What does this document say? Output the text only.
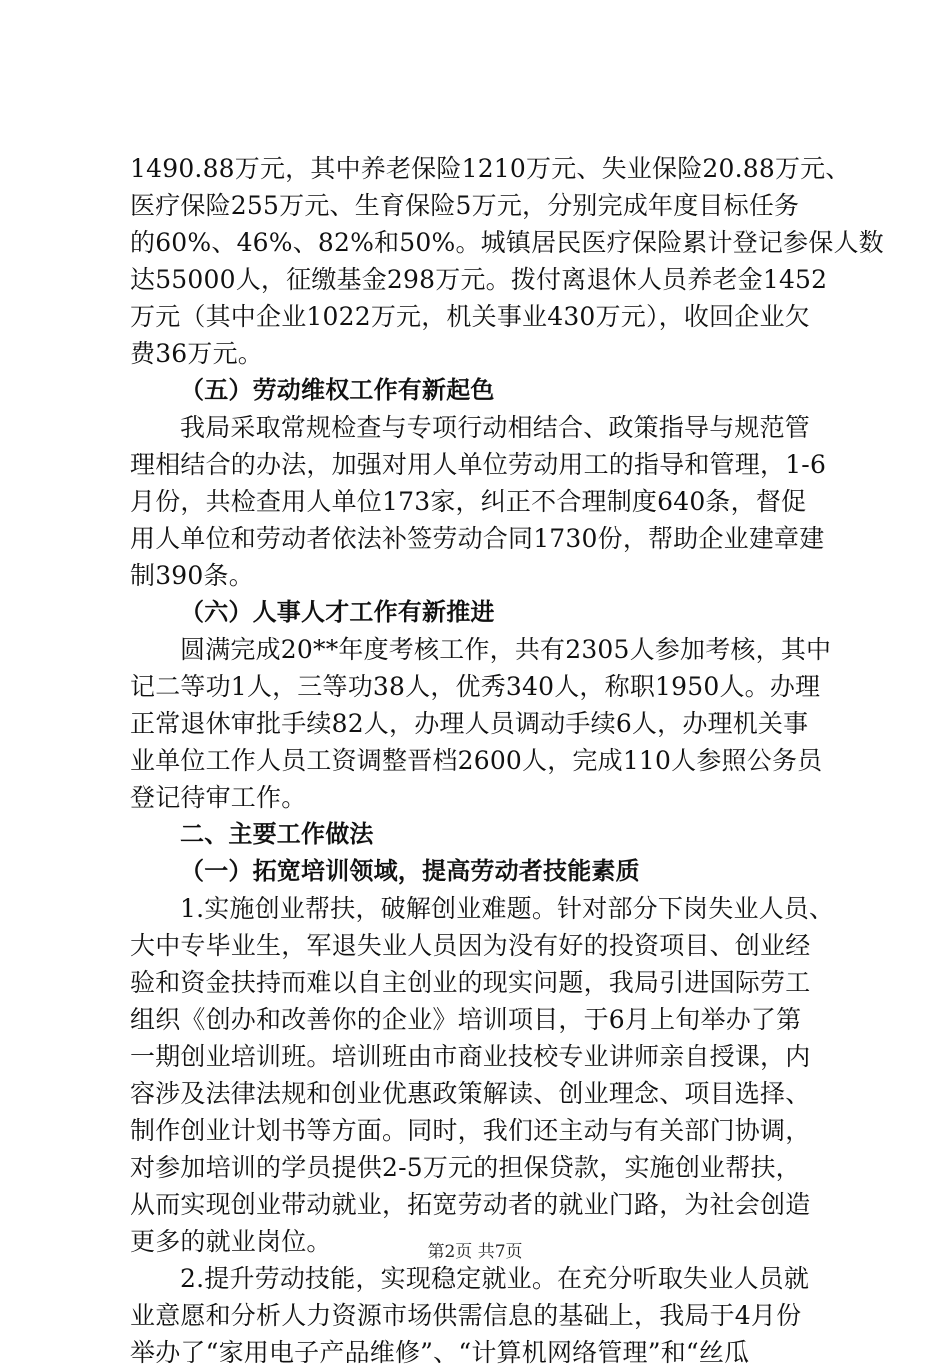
1490.88万元，其中养老保险1210万元、失业保险20.88万元、
医疗保险255万元、生育保险5万元，分别完成年度目标任务
的60%、46%、82%和50%。城镇居民医疗保险累计登记参保人数
达55000人，征缴基金298万元。拨付离退休人员养老金1452
万元（其中企业1022万元，机关事业430万元），收回企业欠
费36万元。
（五）劳动维权工作有新起色
我局采取常规检查与专项行动相结合、政策指导与规范管
理相结合的办法，加强对用人单位劳动用工的指导和管理，1-6
月份，共检查用人单位173家，纠正不合理制度640条，督促
用人单位和劳动者依法补签劳动合同1730份，帮助企业建章建
制390条。
（六）人事人才工作有新推进
圆满完成20**年度考核工作，共有2305人参加考核，其中
记二等功1人，三等功38人，优秀340人，称职1950人。办理
正常退休审批手续82人，办理人员调动手续6人，办理机关事
业单位工作人员工资调整晋档2600人，完成110人参照公务员
登记待审工作。
二、主要工作做法
（一）拓宽培训领域，提高劳动者技能素质
1.实施创业帮扶，破解创业难题。针对部分下岗失业人员、
大中专毕业生，军退失业人员因为没有好的投资项目、创业经
验和资金扶持而难以自主创业的现实问题，我局引进国际劳工
组织《创办和改善你的企业》培训项目，于6月上旬举办了第
一期创业培训班。培训班由市商业技校专业讲师亲自授课，内
容涉及法律法规和创业优惠政策解读、创业理念、项目选择、
制作创业计划书等方面。同时，我们还主动与有关部门协调，
对参加培训的学员提供2-5万元的担保贷款，实施创业帮扶，
从而实现创业带动就业，拓宽劳动者的就业门路，为社会创造
更多的就业岗位。
2.提升劳动技能，实现稳定就业。在充分听取失业人员就
业意愿和分析人力资源市场供需信息的基础上，我局于4月份
举办了“家用电子产品维修”、“计算机网络管理”和“丝瓜
第2页 共7页
